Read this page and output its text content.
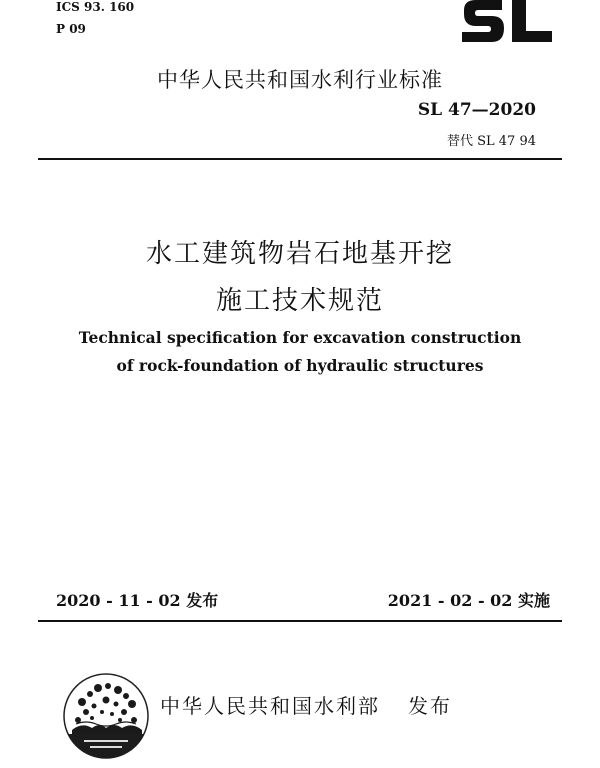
ICS 93. 160
P 09
中华人民共和国水利行业标准
SL 47—2020
替代 SL 47 94
水工建筑物岩石地基开挖
施工技术规范
Technical specification for excavation construction
of rock-foundation of hydraulic structures
2020 - 11 - 02 发布	2021 - 02 - 02 实施
中华人民共和国水利部 发布
